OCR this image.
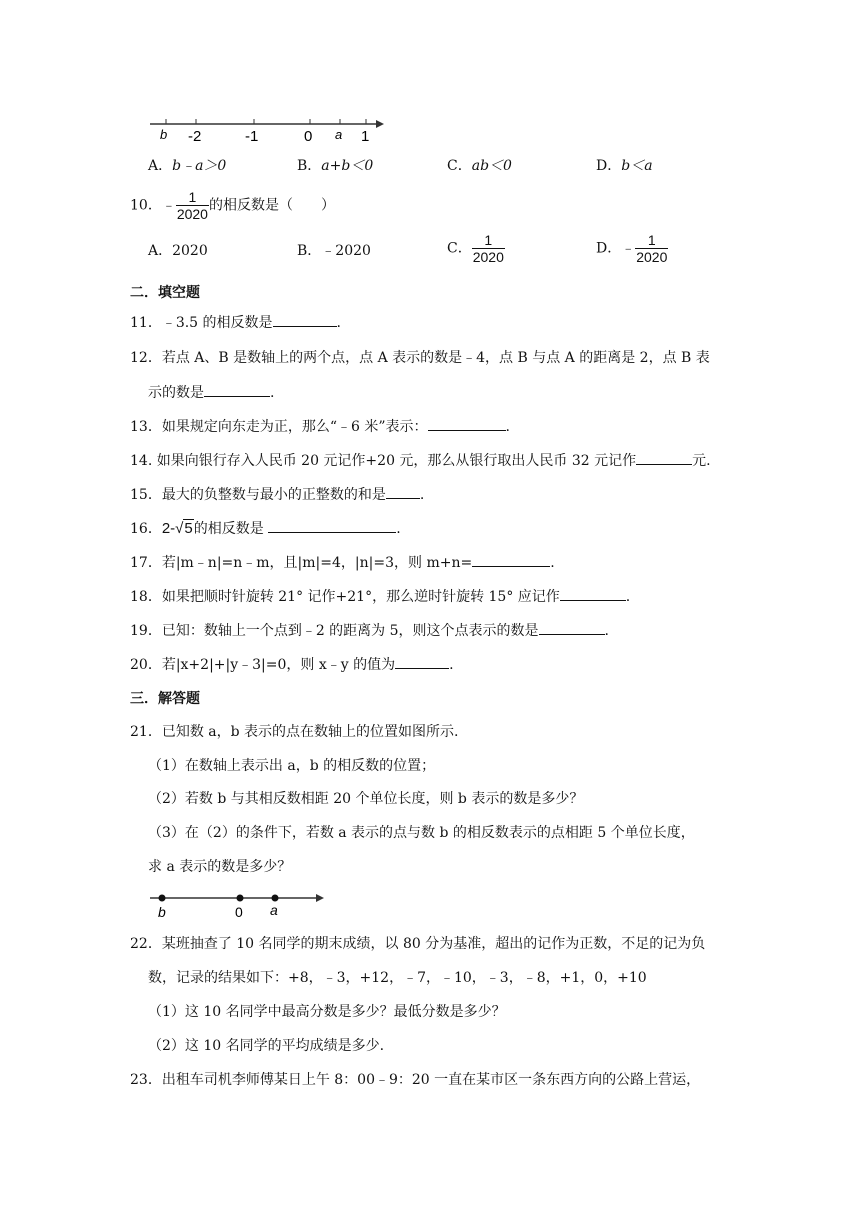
b -2	-1	0 a 1
A．b﹣a＞0	B．a+b＜0	C．ab＜0	D．b＜a
10．﹣ $\frac{1}{2020}$ 的相反数是（　　）
A．2020	B．﹣2020	C． $\frac{1}{2020}$	D．﹣ $\frac{1}{2020}$
二．填空题
11．﹣3.5 的相反数是	.
12．若点 A、B 是数轴上的两个点，点 A 表示的数是﹣4，点 B 与点 A 的距离是 2，点 B 表
示的数是	.
13．如果规定向东走为正，那么“﹣6 米”表示：	.
14. 如果向银行存入人民币 20 元记作+20 元，那么从银行取出人民币 32 元记作	元.
15．最大的负整数与最小的正整数的和是 .
16．2-√5的相反数是	.
17．若|m﹣n|=n﹣m，且|m|=4，|n|=3，则 m+n=	.
18．如果把顺时针旋转 21° 记作+21°，那么逆时针旋转 15° 应记作	.
19．已知：数轴上一个点到﹣2 的距离为 5，则这个点表示的数是	.
20．若|x+2|+|y﹣3|=0，则 x﹣y 的值为	.
三．解答题
21．已知数 a，b 表示的点在数轴上的位置如图所示.
（1）在数轴上表示出 a，b 的相反数的位置；
（2）若数 b 与其相反数相距 20 个单位长度，则 b 表示的数是多少？
（3）在（2）的条件下，若数 a 表示的点与数 b 的相反数表示的点相距 5 个单位长度，
求 a 表示的数是多少？
b	0 a
22．某班抽查了 10 名同学的期末成绩，以 80 分为基准，超出的记作为正数，不足的记为负
数，记录的结果如下：+8，﹣3，+12，﹣7，﹣10，﹣3，﹣8，+1，0，+10
（1）这 10 名同学中最高分数是多少？最低分数是多少？
（2）这 10 名同学的平均成绩是多少.
23．出租车司机李师傅某日上午 8：00﹣9：20 一直在某市区一条东西方向的公路上营运，
